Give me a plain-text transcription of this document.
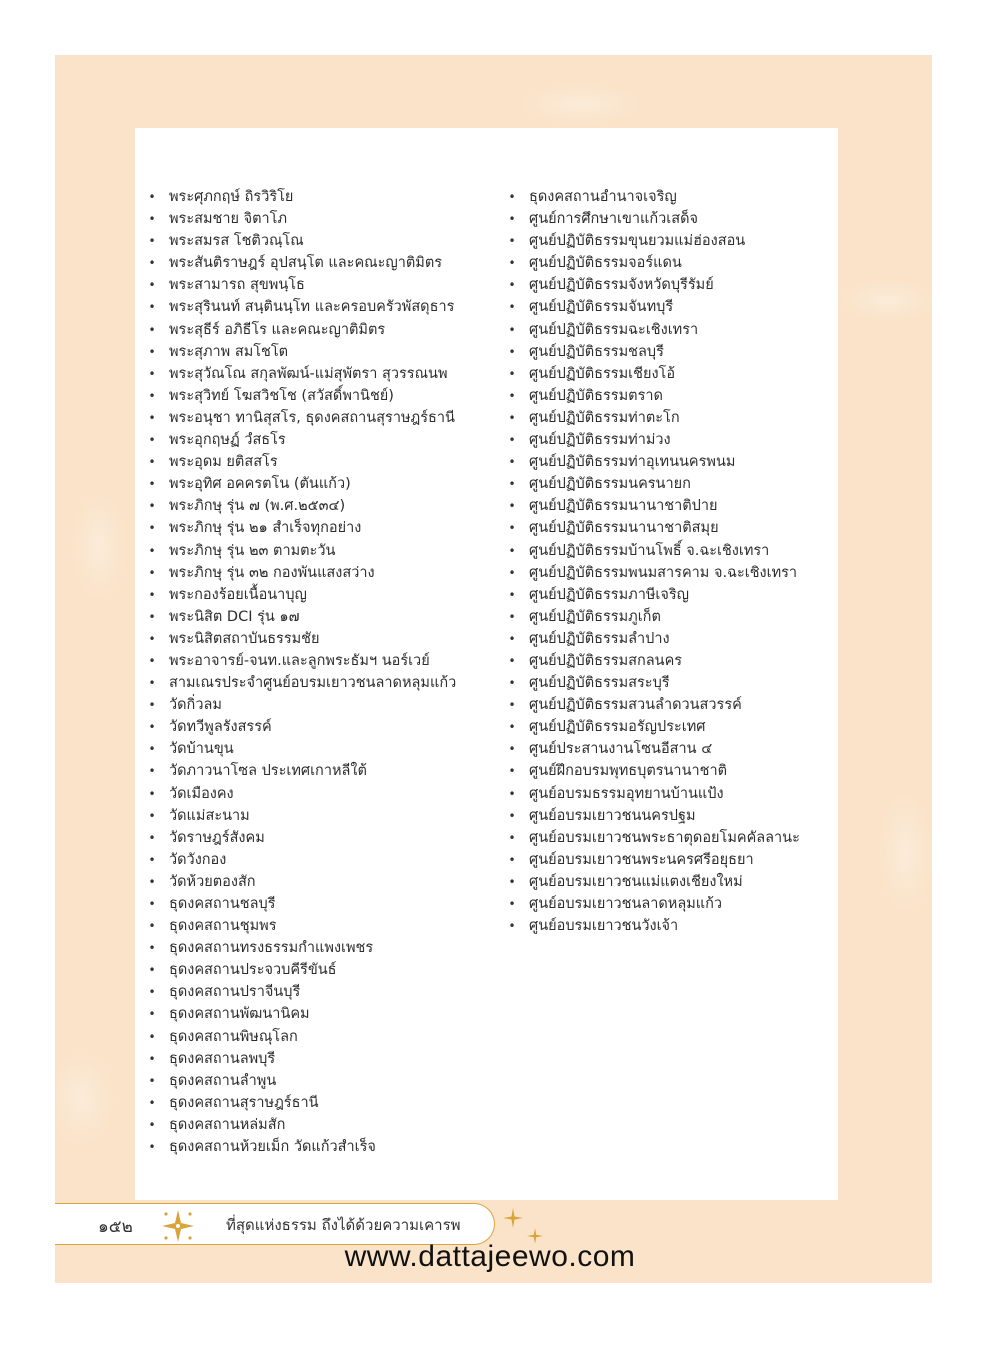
• พระศุภกฤษ์ ถิรวิริโย
• พระสมชาย จิตาโภ
• พระสมรส โชติวณฺโณ
• พระสันติราษฎร์ อุปสนฺโต และคณะญาติมิตร
• พระสามารถ สุขพนฺโธ
• พระสุรินนท์ สนฺตินนฺโท และครอบครัวพัสดุธาร
• พระสุธีร์ อภิธีโร และคณะญาติมิตร
• พระสุภาพ สมโชโต
• พระสุวัณโณ สกุลพัฒน์-แม่สุพัตรา สุวรรณนพ
• พระสุวิทย์ โฆสวิชโช (สวัสดิ์พานิชย์)
• พระอนุชา ทานิสุสโร, ธุดงคสถานสุราษฎร์ธานี
• พระอุกฤษฏ์ วํสธโร
• พระอุดม ยติสสโร
• พระอุทิศ อคครตโน (ตันแก้ว)
• พระภิกษุ รุ่น ๗ (พ.ศ.๒๕๓๔)
• พระภิกษุ รุ่น ๒๑ สำเร็จทุกอย่าง
• พระภิกษุ รุ่น ๒๓ ตามตะวัน
• พระภิกษุ รุ่น ๓๒ กองพันแสงสว่าง
• พระกองร้อยเนื้อนาบุญ
• พระนิสิต DCI รุ่น ๑๗
• พระนิสิตสถาบันธรรมชัย
• พระอาจารย์-จนท.และลูกพระธัมฯ นอร์เวย์
• สามเณรประจำศูนย์อบรมเยาวชนลาดหลุมแก้ว
• วัดกิ่วลม
• วัดทวีพูลรังสรรค์
• วัดบ้านขุน
• วัดภาวนาโซล ประเทศเกาหลีใต้
• วัดเมืองคง
• วัดแม่สะนาม
• วัดราษฎร์สังคม
• วัดวังกอง
• วัดห้วยตองสัก
• ธุดงคสถานชลบุรี
• ธุดงคสถานชุมพร
• ธุดงคสถานทรงธรรมกำแพงเพชร
• ธุดงคสถานประจวบคีรีขันธ์
• ธุดงคสถานปราจีนบุรี
• ธุดงคสถานพัฒนานิคม
• ธุดงคสถานพิษณุโลก
• ธุดงคสถานลพบุรี
• ธุดงคสถานลำพูน
• ธุดงคสถานสุราษฎร์ธานี
• ธุดงคสถานหล่มสัก
• ธุดงคสถานห้วยเม็ก วัดแก้วสำเร็จ
• ธุดงคสถานอำนาจเจริญ
• ศูนย์การศึกษาเขาแก้วเสด็จ
• ศูนย์ปฏิบัติธรรมขุนยวมแม่ฮ่องสอน
• ศูนย์ปฏิบัติธรรมจอร์แดน
• ศูนย์ปฏิบัติธรรมจังหวัดบุรีรัมย์
• ศูนย์ปฏิบัติธรรมจันทบุรี
• ศูนย์ปฏิบัติธรรมฉะเชิงเทรา
• ศูนย์ปฏิบัติธรรมชลบุรี
• ศูนย์ปฏิบัติธรรมเชียงโอ้
• ศูนย์ปฏิบัติธรรมตราด
• ศูนย์ปฏิบัติธรรมท่าตะโก
• ศูนย์ปฏิบัติธรรมท่าม่วง
• ศูนย์ปฏิบัติธรรมท่าอุเทนนครพนม
• ศูนย์ปฏิบัติธรรมนครนายก
• ศูนย์ปฏิบัติธรรมนานาชาติปาย
• ศูนย์ปฏิบัติธรรมนานาชาติสมุย
• ศูนย์ปฏิบัติธรรมบ้านโพธิ์ จ.ฉะเชิงเทรา
• ศูนย์ปฏิบัติธรรมพนมสารคาม จ.ฉะเชิงเทรา
• ศูนย์ปฏิบัติธรรมภาษีเจริญ
• ศูนย์ปฏิบัติธรรมภูเก็ต
• ศูนย์ปฏิบัติธรรมลำปาง
• ศูนย์ปฏิบัติธรรมสกลนคร
• ศูนย์ปฏิบัติธรรมสระบุรี
• ศูนย์ปฏิบัติธรรมสวนลำดวนสวรรค์
• ศูนย์ปฏิบัติธรรมอรัญประเทศ
• ศูนย์ประสานงานโซนอีสาน ๔
• ศูนย์ฝึกอบรมพุทธบุตรนานาชาติ
• ศูนย์อบรมธรรมอุทยานบ้านแป้ง
• ศูนย์อบรมเยาวชนนครปฐม
• ศูนย์อบรมเยาวชนพระธาตุดอยโมคคัลลานะ
• ศูนย์อบรมเยาวชนพระนครศรีอยุธยา
• ศูนย์อบรมเยาวชนแม่แตงเชียงใหม่
• ศูนย์อบรมเยาวชนลาดหลุมแก้ว
• ศูนย์อบรมเยาวชนวังเจ้า
๑๕๒	ที่สุดแห่งธรรม ถึงได้ด้วยความเคารพ
www.dattajeewo.com
